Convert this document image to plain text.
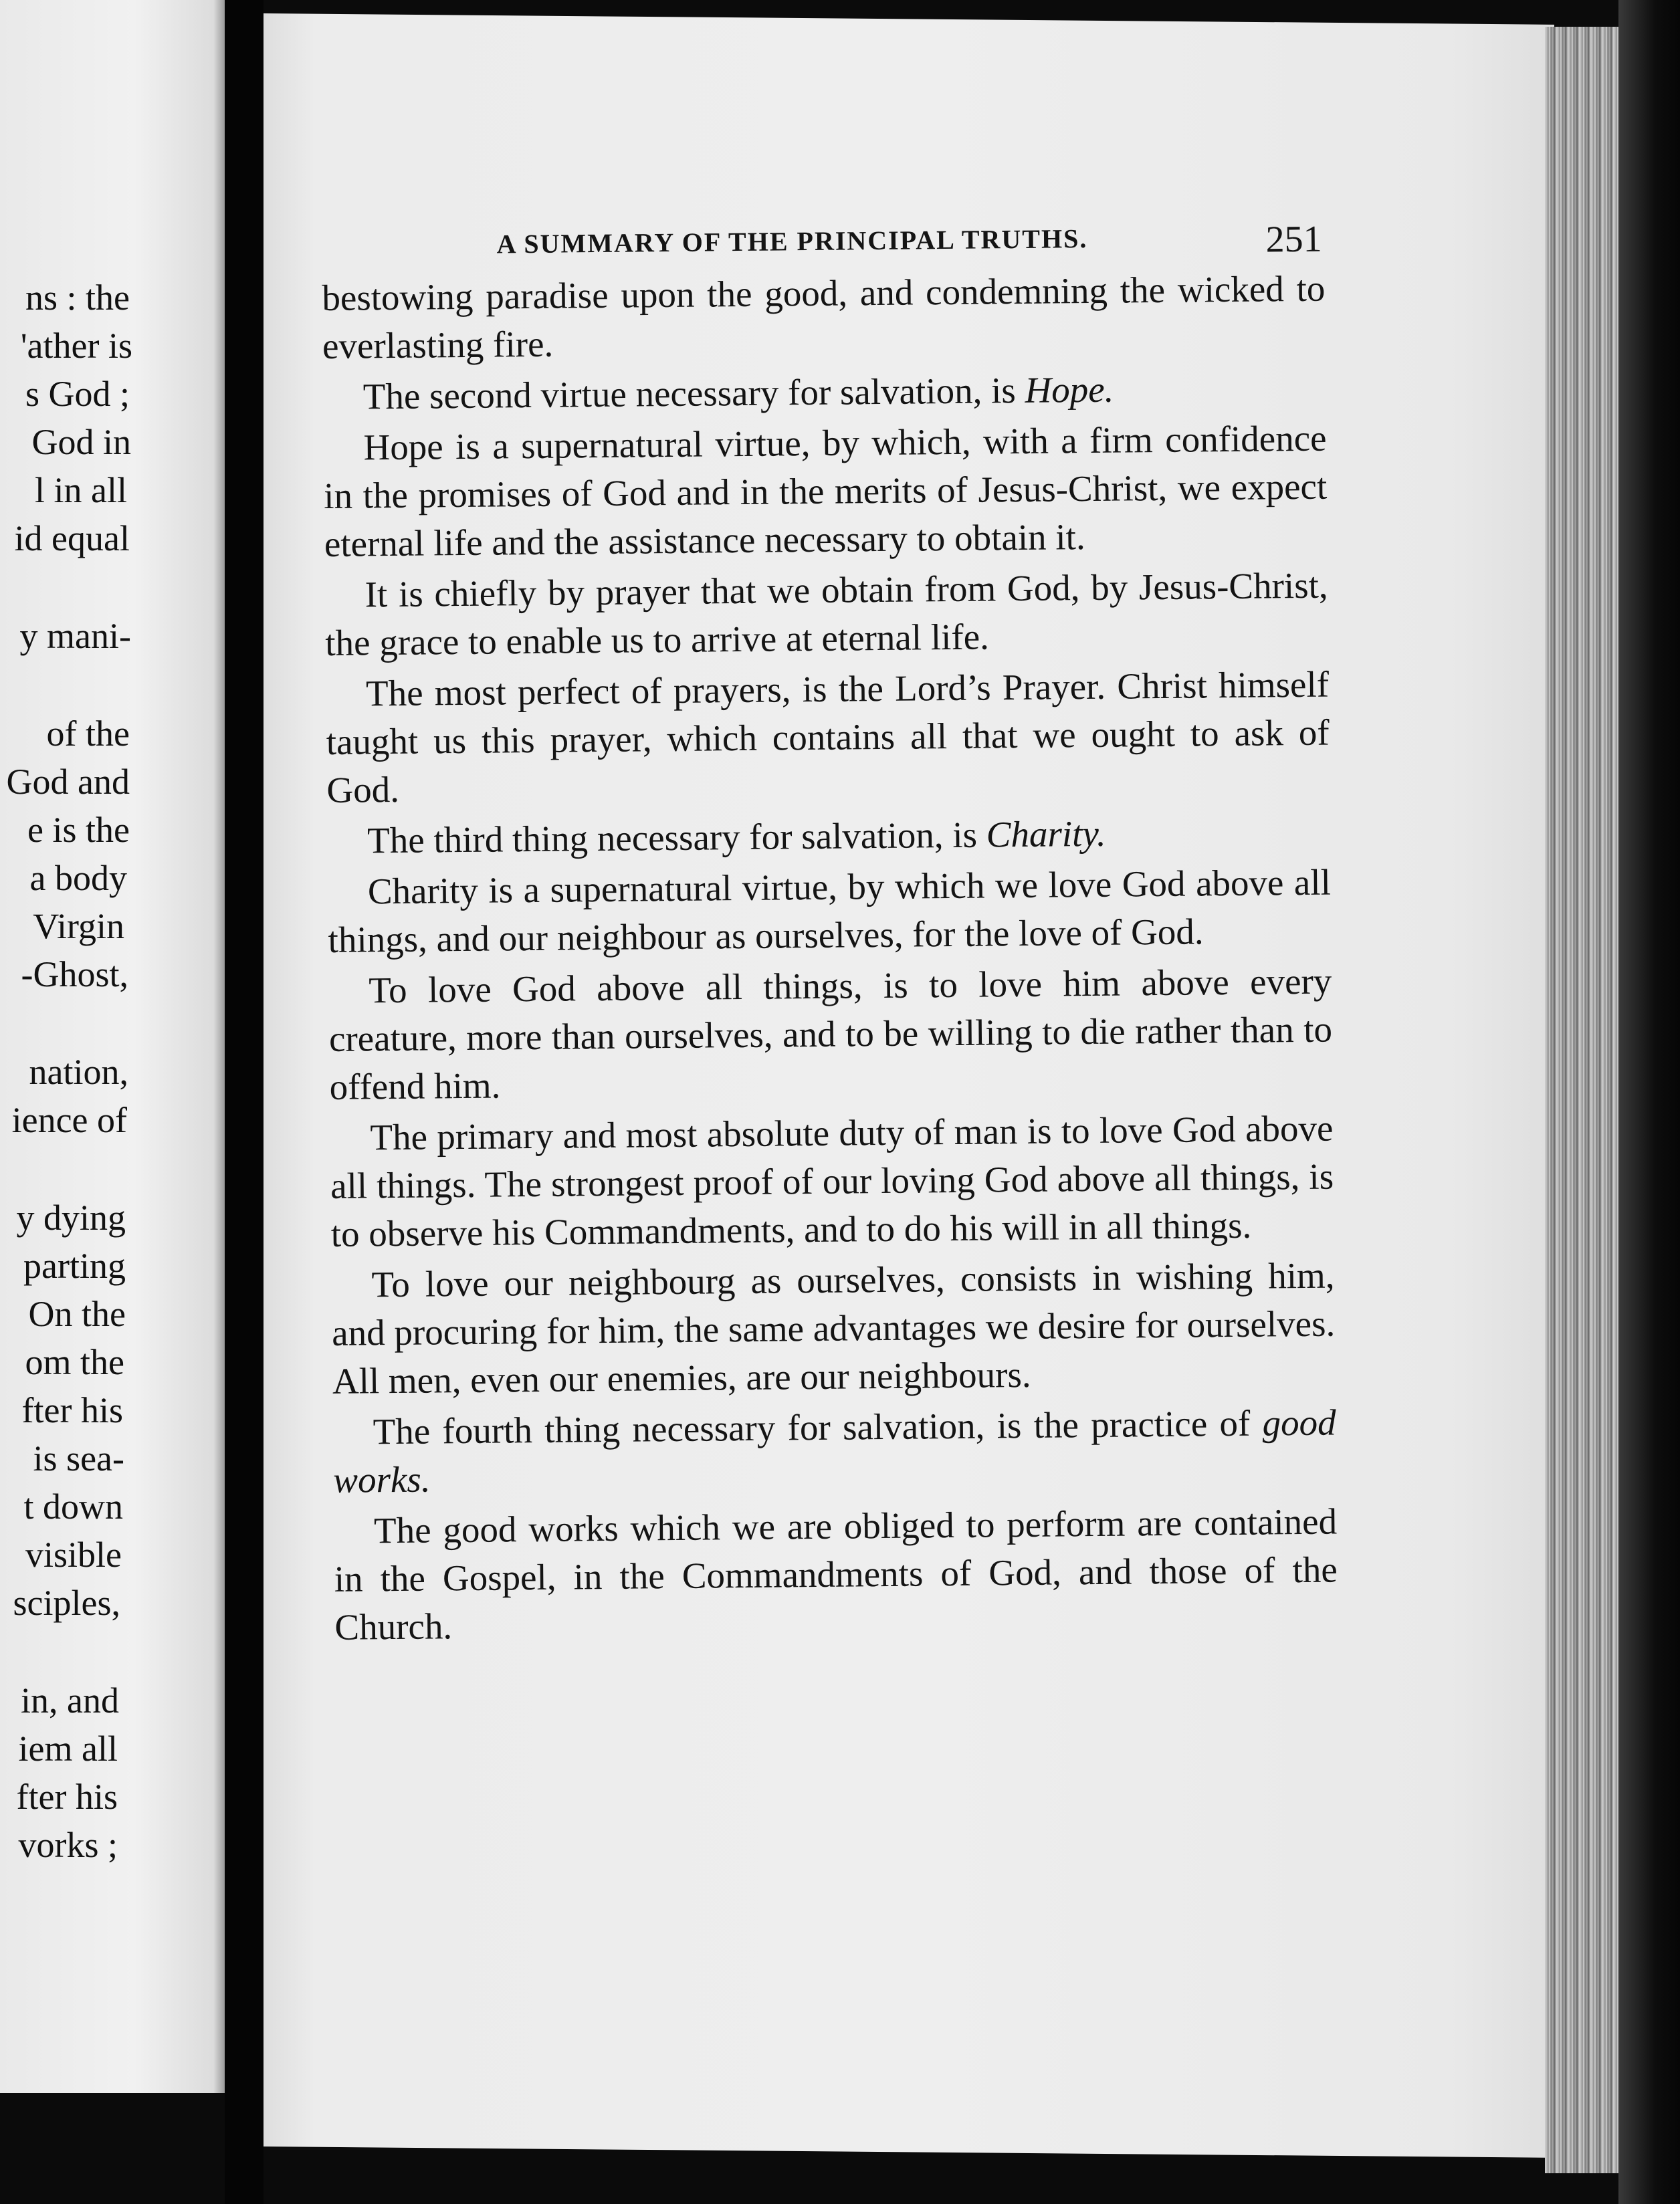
ns : the
'ather is
s God ;
God in
l in all
id equal
y mani-
of the
God and
e is the
a body
Virgin
-Ghost,
nation,
ience of
y dying
parting
On the
om the
fter his
is sea-
t down
visible
sciples,
in, and
iem all
fter his
vorks ;
A SUMMARY OF THE PRINCIPAL TRUTHS.	251

bestowing paradise upon the good, and condemning the wicked to everlasting fire.

The second virtue necessary for salvation, is Hope.

Hope is a supernatural virtue, by which, with a firm confidence in the promises of God and in the merits of Jesus-Christ, we expect eternal life and the assistance necessary to obtain it.

It is chiefly by prayer that we obtain from God, by Jesus-Christ, the grace to enable us to arrive at eternal life.

The most perfect of prayers, is the Lord’s Prayer. Christ himself taught us this prayer, which contains all that we ought to ask of God.

The third thing necessary for salvation, is Charity.

Charity is a supernatural virtue, by which we love God above all things, and our neighbour as ourselves, for the love of God.

To love God above all things, is to love him above every creature, more than ourselves, and to be willing to die rather than to offend him.

The primary and most absolute duty of man is to love God above all things. The strongest proof of our loving God above all things, is to observe his Commandments, and to do his will in all things.

To love our neighbourg as ourselves, consists in wishing him, and procuring for him, the same advantages we desire for ourselves. All men, even our enemies, are our neighbours.

The fourth thing necessary for salvation, is the practice of good works.

The good works which we are obliged to perform are contained in the Gospel, in the Commandments of God, and those of the Church.
